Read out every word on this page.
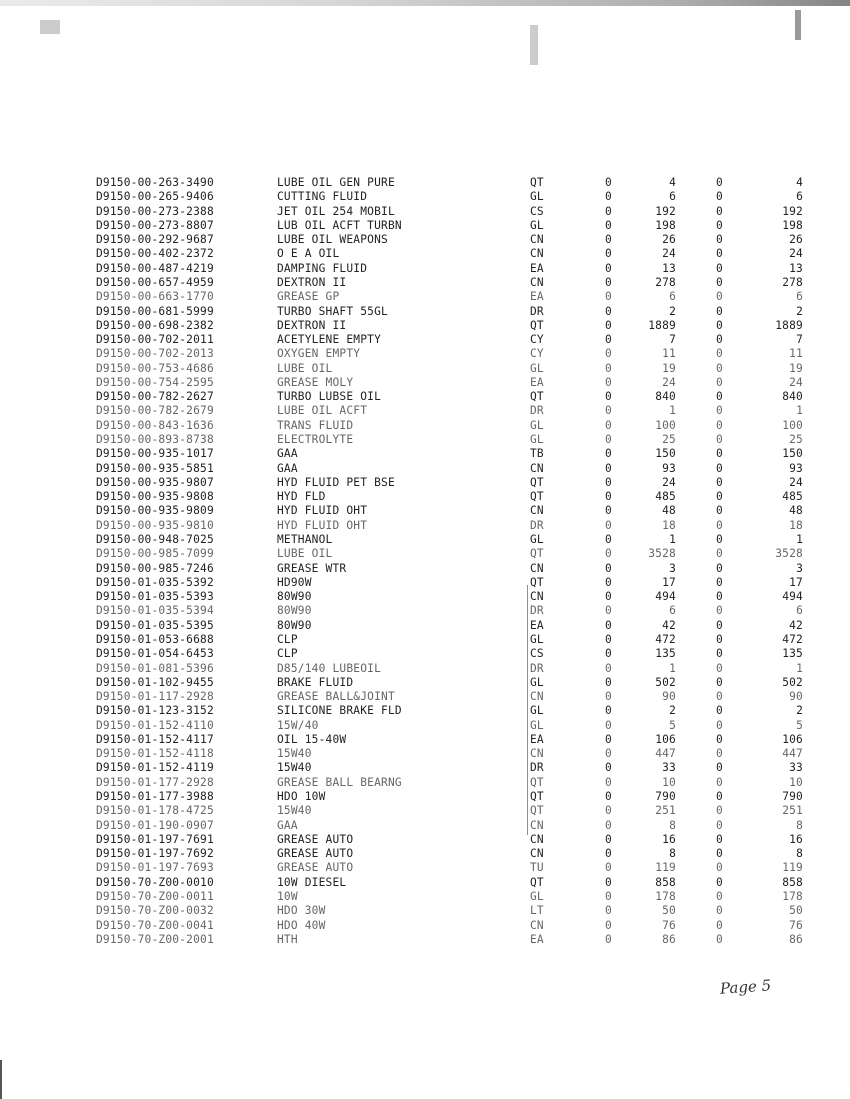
D9150-00-263-3490	LUBE OIL GEN PURE	QT	0	4	0	4
D9150-00-265-9406	CUTTING FLUID	GL	0	6	0	6
D9150-00-273-2388	JET OIL 254 MOBIL	CS	0	192	0	192
D9150-00-273-8807	LUB OIL ACFT TURBN	GL	0	198	0	198
D9150-00-292-9687	LUBE OIL WEAPONS	CN	0	26	0	26
D9150-00-402-2372	O E A OIL	CN	0	24	0	24
D9150-00-487-4219	DAMPING FLUID	EA	0	13	0	13
D9150-00-657-4959	DEXTRON II	CN	0	278	0	278
D9150-00-663-1770	GREASE GP	EA	0	6	0	6
D9150-00-681-5999	TURBO SHAFT 55GL	DR	0	2	0	2
D9150-00-698-2382	DEXTRON II	QT	0	1889	0	1889
D9150-00-702-2011	ACETYLENE EMPTY	CY	0	7	0	7
D9150-00-702-2013	OXYGEN EMPTY	CY	0	11	0	11
D9150-00-753-4686	LUBE OIL	GL	0	19	0	19
D9150-00-754-2595	GREASE MOLY	EA	0	24	0	24
D9150-00-782-2627	TURBO LUBSE OIL	QT	0	840	0	840
D9150-00-782-2679	LUBE OIL ACFT	DR	0	1	0	1
D9150-00-843-1636	TRANS FLUID	GL	0	100	0	100
D9150-00-893-8738	ELECTROLYTE	GL	0	25	0	25
D9150-00-935-1017	GAA	TB	0	150	0	150
D9150-00-935-5851	GAA	CN	0	93	0	93
D9150-00-935-9807	HYD FLUID PET BSE	QT	0	24	0	24
D9150-00-935-9808	HYD FLD	QT	0	485	0	485
D9150-00-935-9809	HYD FLUID OHT	CN	0	48	0	48
D9150-00-935-9810	HYD FLUID OHT	DR	0	18	0	18
D9150-00-948-7025	METHANOL	GL	0	1	0	1
D9150-00-985-7099	LUBE OIL	QT	0	3528	0	3528
D9150-00-985-7246	GREASE WTR	CN	0	3	0	3
D9150-01-035-5392	HD90W	QT	0	17	0	17
D9150-01-035-5393	80W90	CN	0	494	0	494
D9150-01-035-5394	80W90	DR	0	6	0	6
D9150-01-035-5395	80W90	EA	0	42	0	42
D9150-01-053-6688	CLP	GL	0	472	0	472
D9150-01-054-6453	CLP	CS	0	135	0	135
D9150-01-081-5396	D85/140 LUBEOIL	DR	0	1	0	1
D9150-01-102-9455	BRAKE FLUID	GL	0	502	0	502
D9150-01-117-2928	GREASE BALL&JOINT	CN	0	90	0	90
D9150-01-123-3152	SILICONE BRAKE FLD	GL	0	2	0	2
D9150-01-152-4110	15W/40	GL	0	5	0	5
D9150-01-152-4117	OIL 15-40W	EA	0	106	0	106
D9150-01-152-4118	15W40	CN	0	447	0	447
D9150-01-152-4119	15W40	DR	0	33	0	33
D9150-01-177-2928	GREASE BALL BEARNG	QT	0	10	0	10
D9150-01-177-3988	HDO 10W	QT	0	790	0	790
D9150-01-178-4725	15W40	QT	0	251	0	251
D9150-01-190-0907	GAA	CN	0	8	0	8
D9150-01-197-7691	GREASE AUTO	CN	0	16	0	16
D9150-01-197-7692	GREASE AUTO	CN	0	8	0	8
D9150-01-197-7693	GREASE AUTO	TU	0	119	0	119
D9150-70-Z00-0010	10W DIESEL	QT	0	858	0	858
D9150-70-Z00-0011	10W	GL	0	178	0	178
D9150-70-Z00-0032	HDO 30W	LT	0	50	0	50
D9150-70-Z00-0041	HDO 40W	CN	0	76	0	76
D9150-70-Z00-2001	HTH	EA	0	86	0	86
Page 5
